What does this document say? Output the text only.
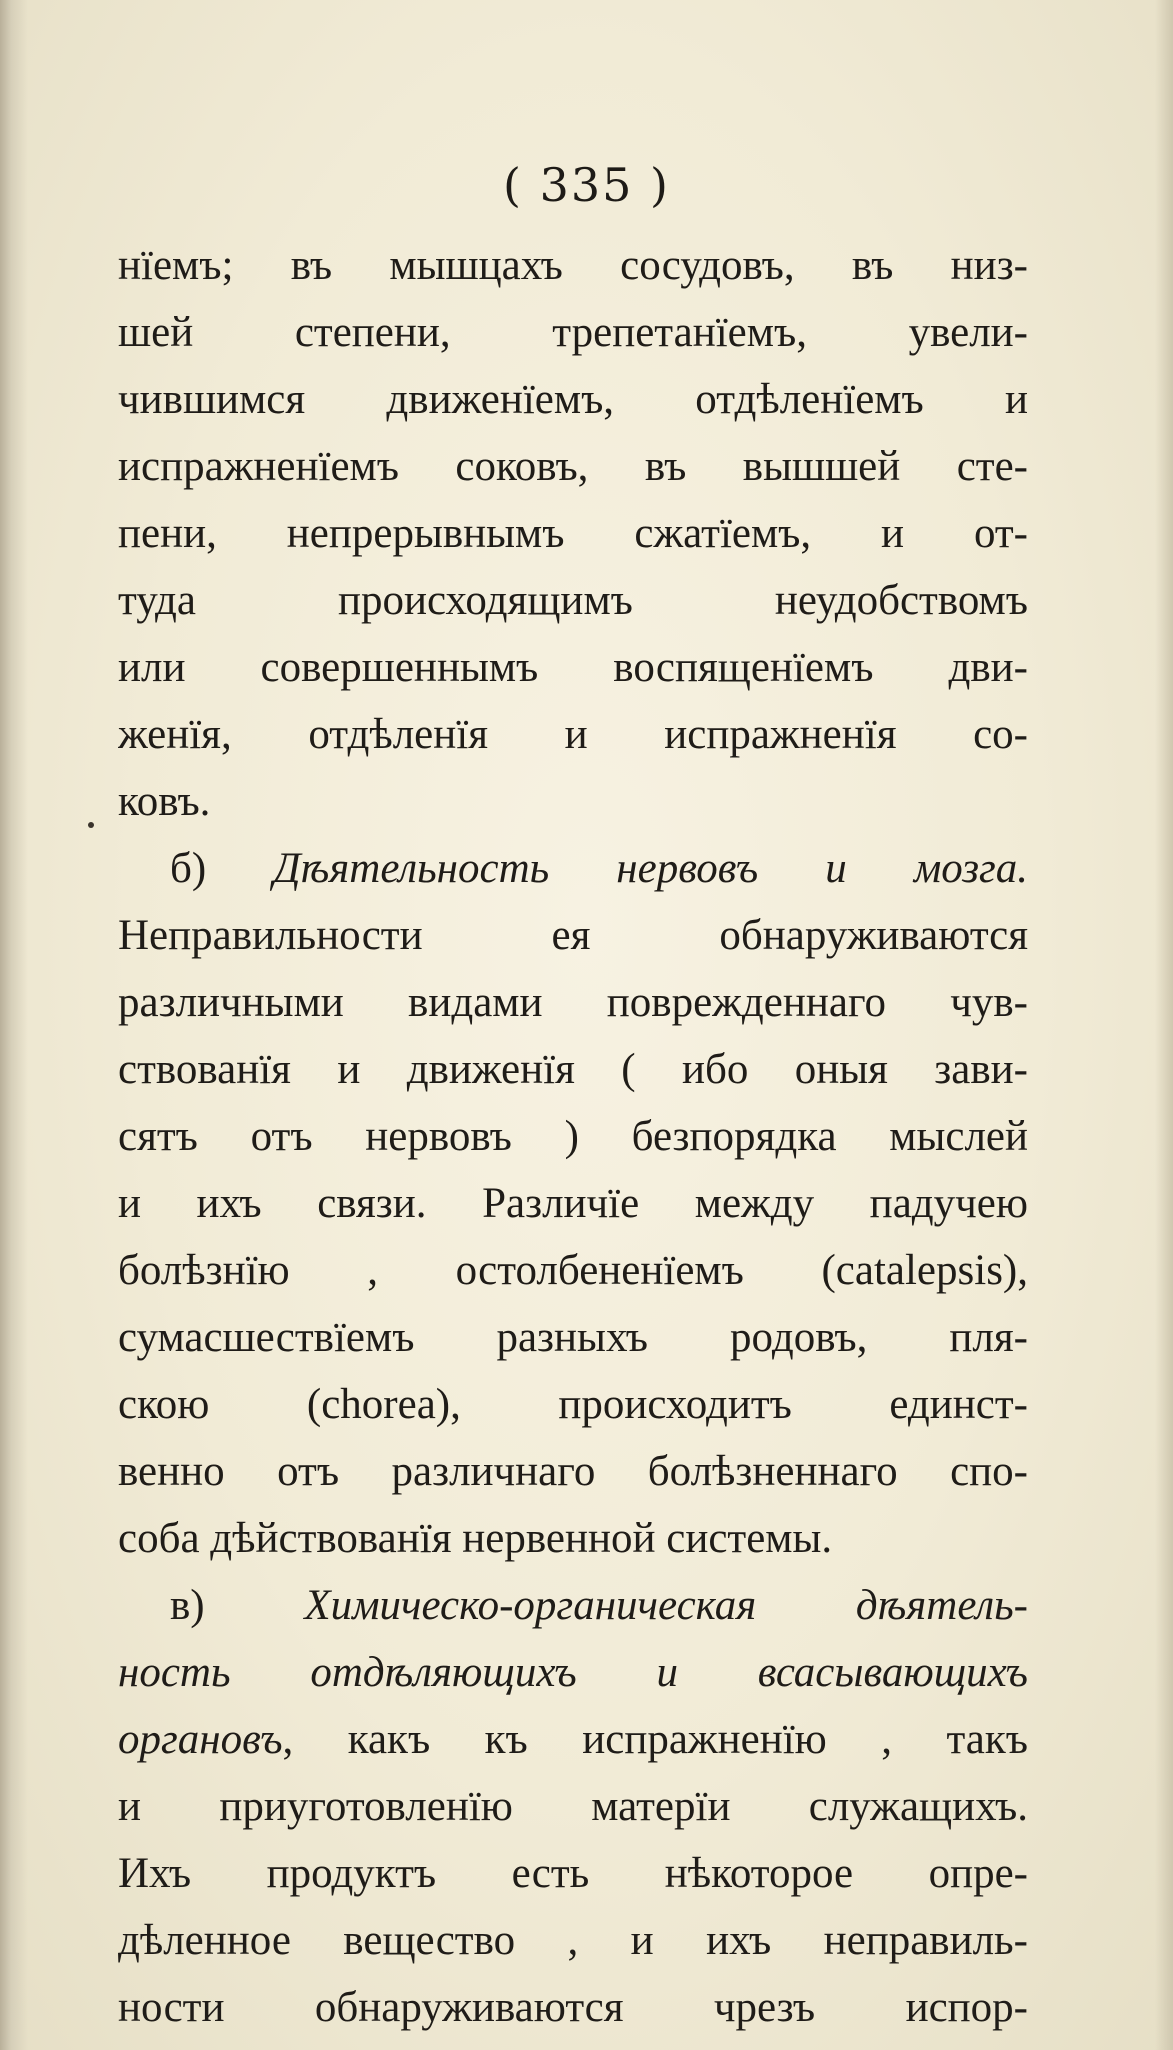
( 335 )
нїемъ; въ мышцахъ сосудовъ, въ низ-
шей степени, трепетанїемъ, увели-
чившимся движенїемъ, отдѣленїемъ и
испражненїемъ соковъ, въ вышшей сте-
пени, непрерывнымъ сжатїемъ, и от-
туда происходящимъ неудобствомъ
или совершеннымъ воспященїемъ дви-
женїя, отдѣленїя и испражненїя со-
ковъ.
б) Дѣятельность нервовъ и мозга.
Неправильности ея обнаруживаются
различными видами поврежденнаго чув-
ствованїя и движенїя ( ибо оныя зави-
сятъ отъ нервовъ ) безпорядка мыслей
и ихъ связи. Различїе между падучею
болѣзнїю , остолбененїемъ (catalepsis),
сумасшествїемъ разныхъ родовъ, пля-
скою (chorea), происходитъ единст-
венно отъ различнаго болѣзненнаго спо-
соба дѣйствованїя нервенной системы.
в) Химическо-органическая дѣятель-
ность отдѣляющихъ и всасывающихъ
органовъ, какъ къ испражненїю , такъ
и приуготовленїю матерїи служащихъ.
Ихъ продуктъ есть нѣкоторое опре-
дѣленное вещество , и ихъ неправиль-
ности обнаруживаются чрезъ испор-
